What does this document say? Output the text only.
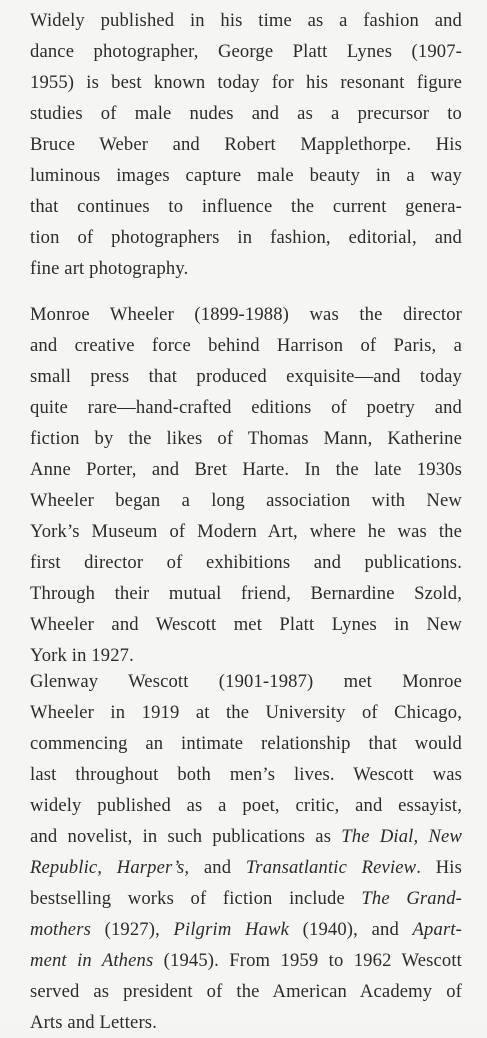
Widely published in his time as a fashion and
dance photographer, George Platt Lynes (1907-
1955) is best known today for his resonant figure
studies of male nudes and as a precursor to
Bruce Weber and Robert Mapplethorpe. His
luminous images capture male beauty in a way
that continues to influence the current genera-
tion of photographers in fashion, editorial, and
fine art photography.
Monroe Wheeler (1899-1988) was the director
and creative force behind Harrison of Paris, a
small press that produced exquisite—and today
quite rare—hand-crafted editions of poetry and
fiction by the likes of Thomas Mann, Katherine
Anne Porter, and Bret Harte. In the late 1930s
Wheeler began a long association with New
York’s Museum of Modern Art, where he was the
first director of exhibitions and publications.
Through their mutual friend, Bernardine Szold,
Wheeler and Wescott met Platt Lynes in New
York in 1927.
Glenway Wescott (1901-1987) met Monroe
Wheeler in 1919 at the University of Chicago,
commencing an intimate relationship that would
last throughout both men’s lives. Wescott was
widely published as a poet, critic, and essayist,
and novelist, in such publications as The Dial, New
Republic, Harper’s, and Transatlantic Review. His
bestselling works of fiction include The Grand-
mothers (1927), Pilgrim Hawk (1940), and Apart-
ment in Athens (1945). From 1959 to 1962 Wescott
served as president of the American Academy of
Arts and Letters.
